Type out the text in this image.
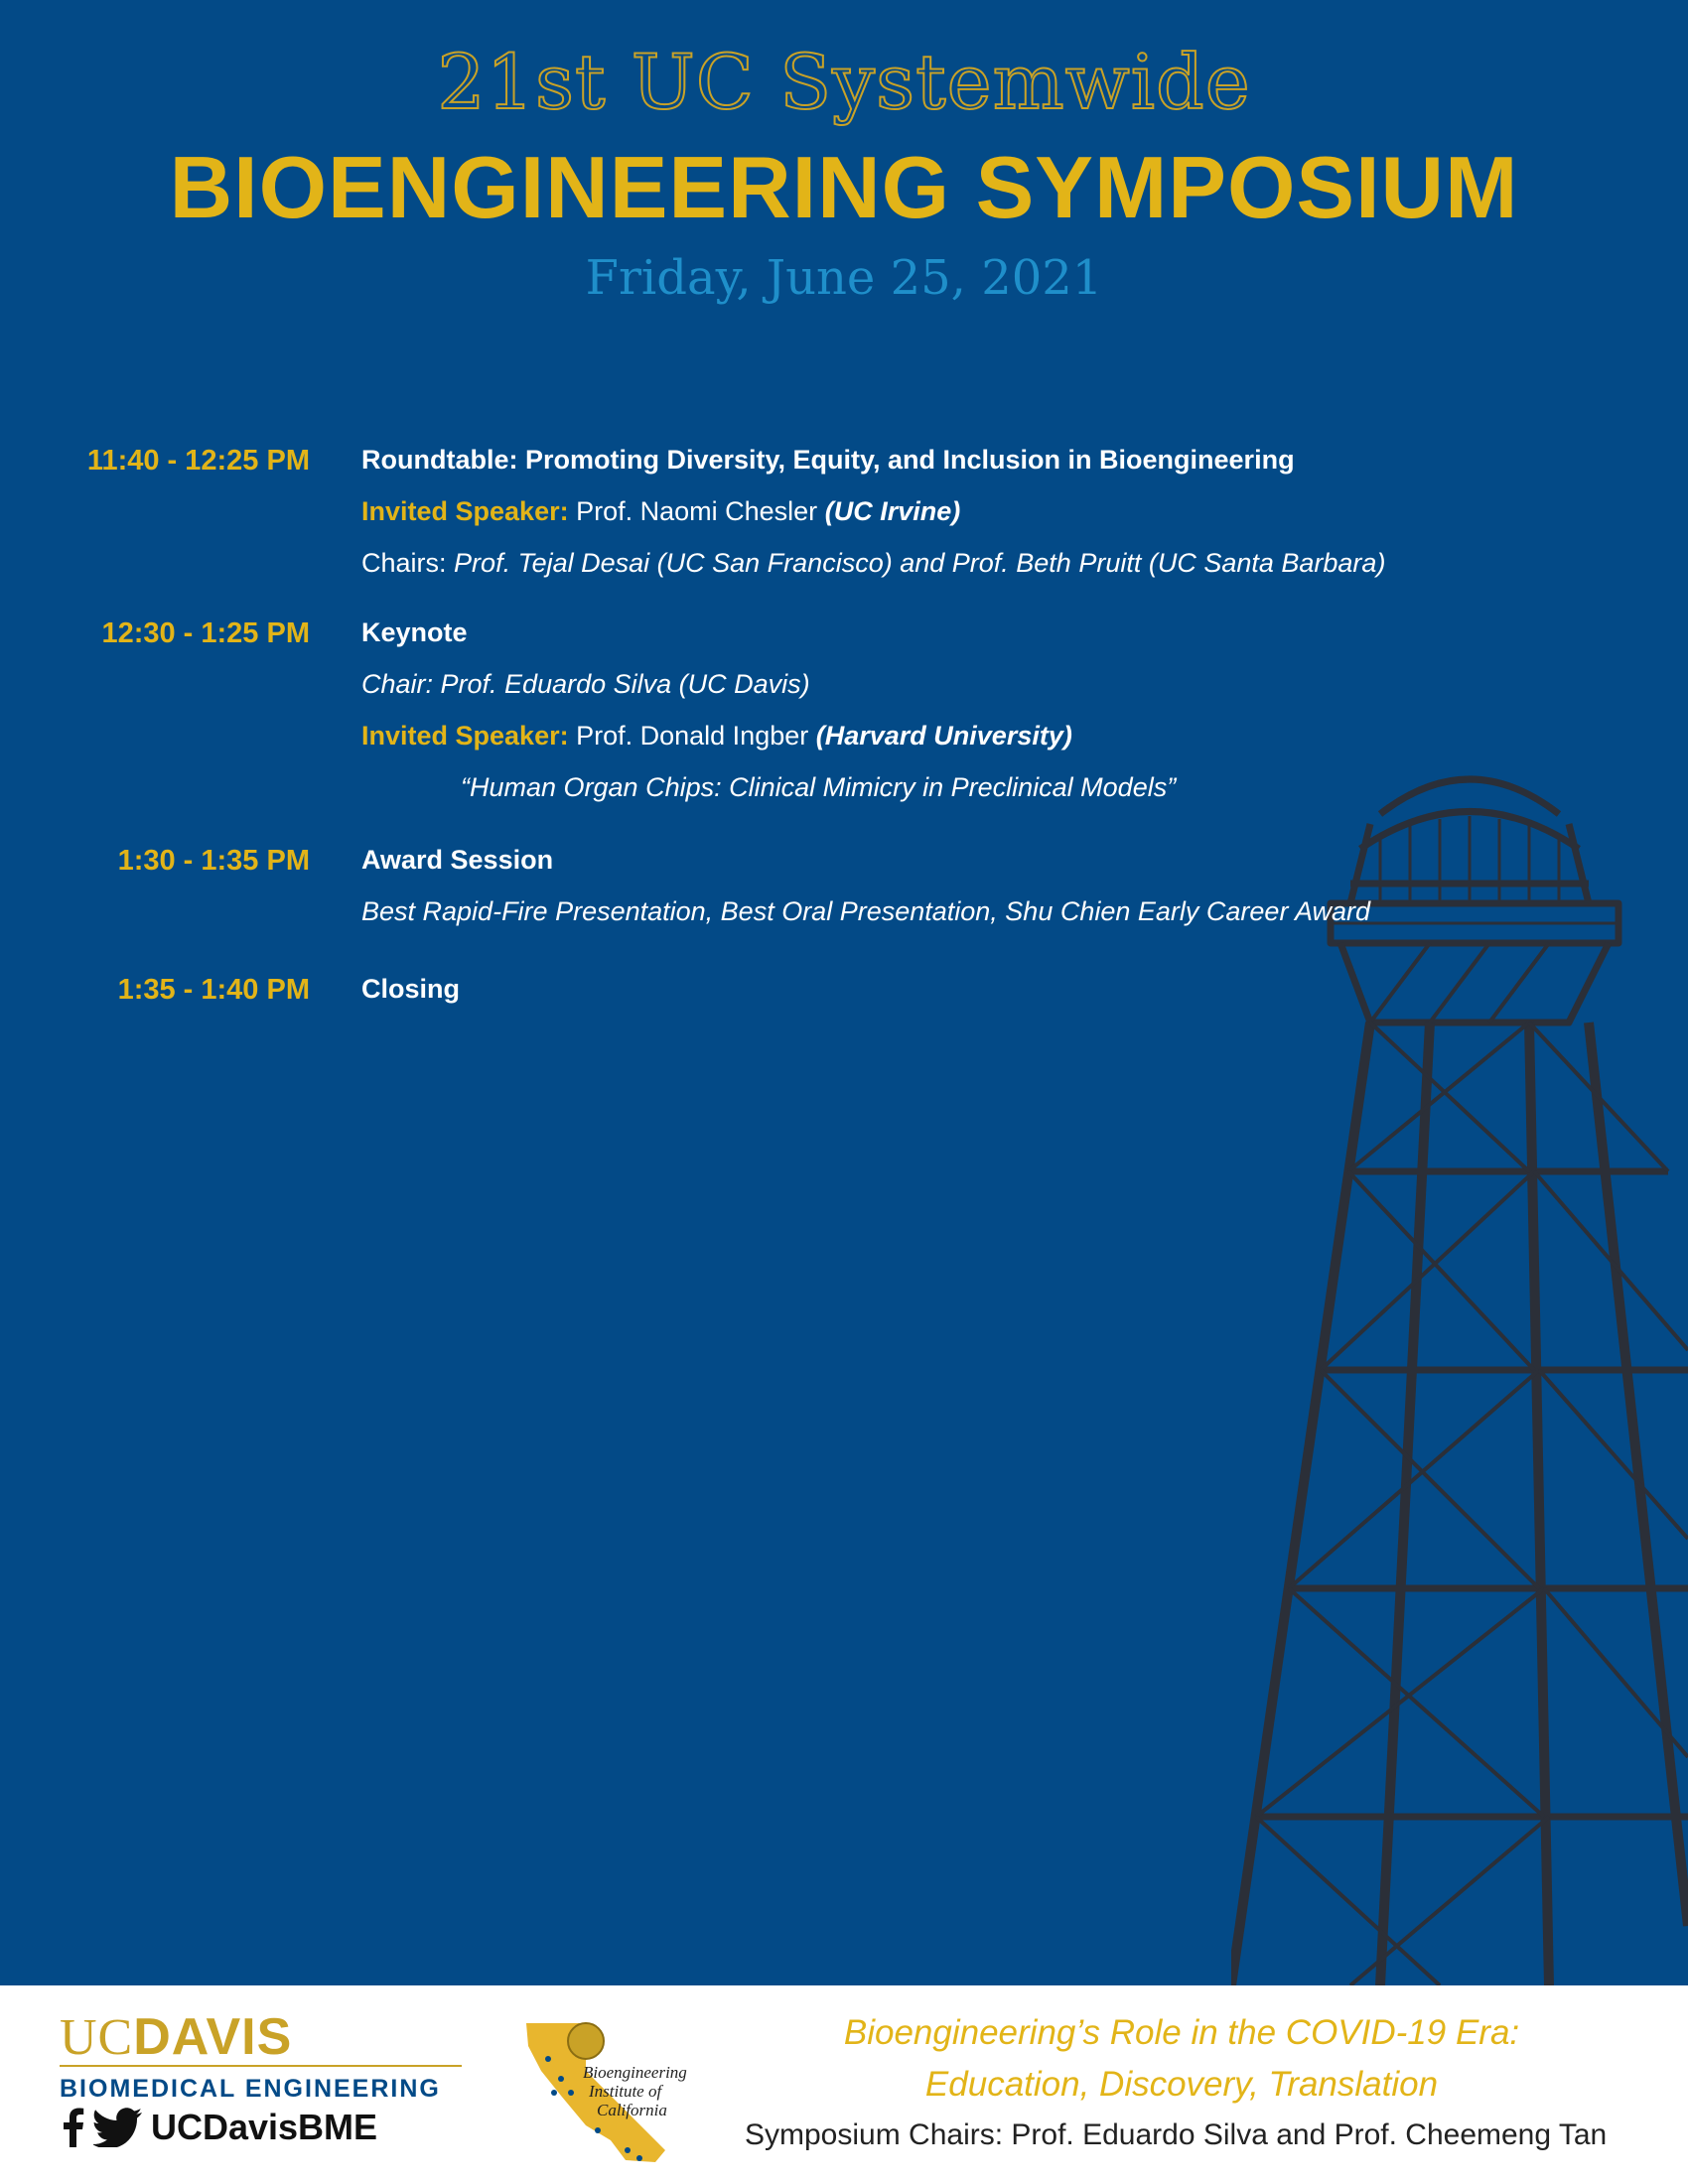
21st UC Systemwide
BIOENGINEERING SYMPOSIUM
Friday, June 25, 2021
11:40 - 12:25 PM Roundtable: Promoting Diversity, Equity, and Inclusion in Bioengineering
Invited Speaker: Prof. Naomi Chesler (UC Irvine)
Chairs: Prof. Tejal Desai (UC San Francisco) and Prof. Beth Pruitt (UC Santa Barbara)
12:30 - 1:25 PM Keynote
Chair: Prof. Eduardo Silva (UC Davis)
Invited Speaker: Prof. Donald Ingber (Harvard University)
“Human Organ Chips: Clinical Mimicry in Preclinical Models”
1:30 - 1:35 PM Award Session
Best Rapid-Fire Presentation, Best Oral Presentation, Shu Chien Early Career Award
1:35 - 1:40 PM Closing
UCDAVIS
BIOMEDICAL ENGINEERING
UCDavisBME
Bioengineering
Institute of
California
Bioengineering’s Role in the COVID-19 Era:
Education, Discovery, Translation
Symposium Chairs: Prof. Eduardo Silva and Prof. Cheemeng Tan
